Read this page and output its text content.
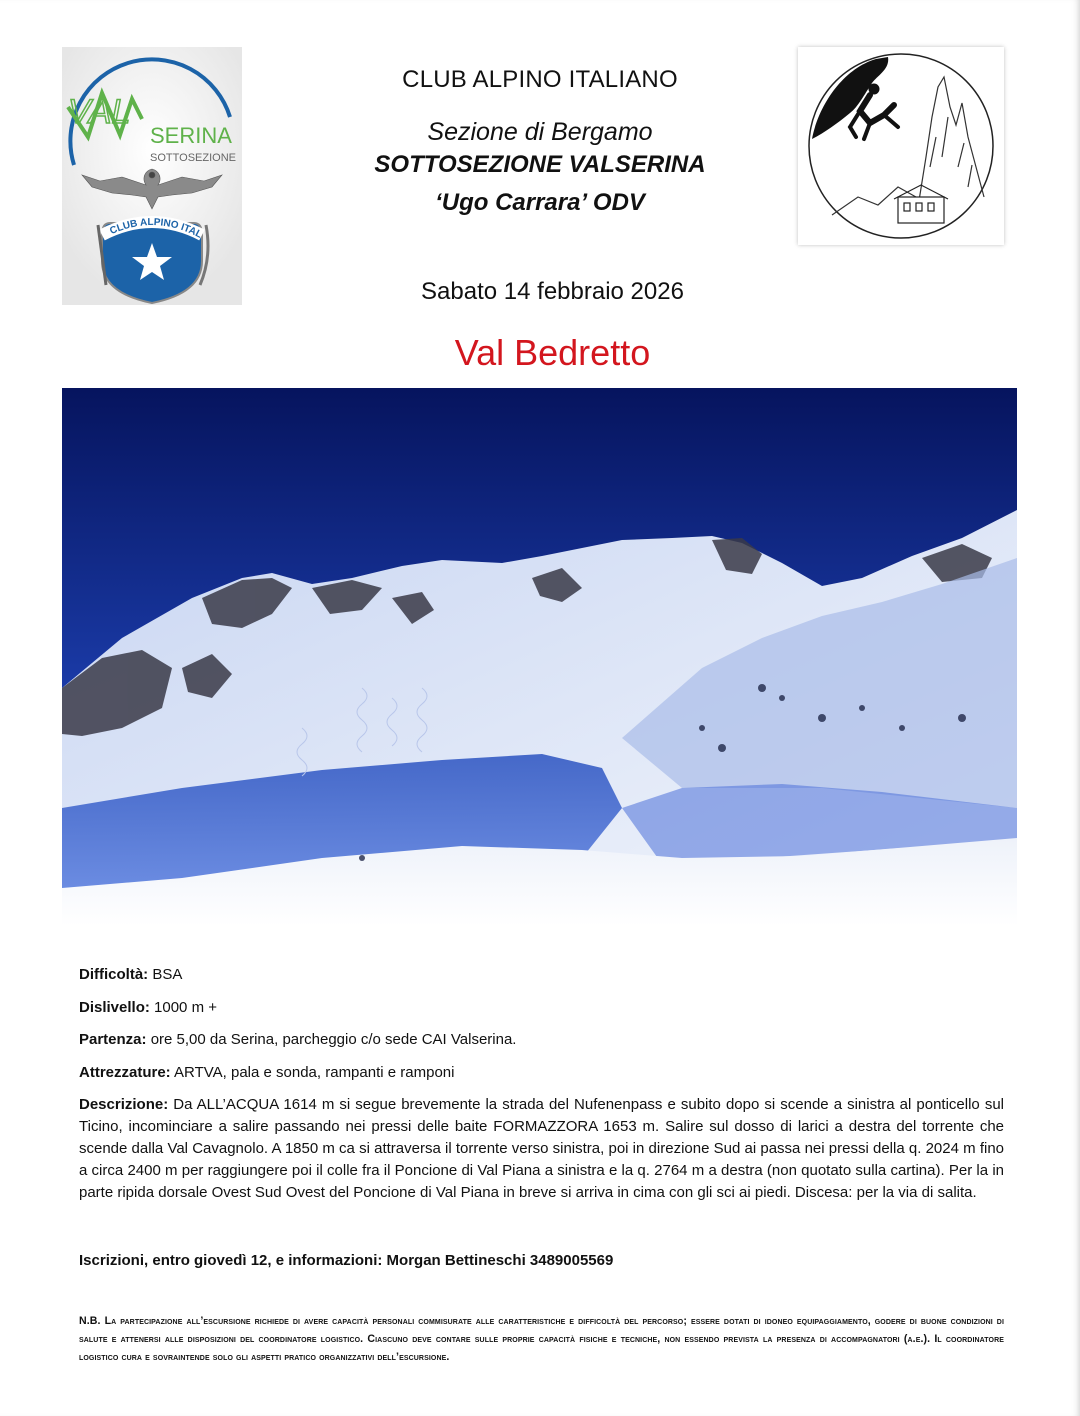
VAL
SERINA
SOTTOSEZIONE
CLUB ALPINO ITAL
CLUB ALPINO ITALIANO
Sezione di Bergamo
SOTTOSEZIONE VALSERINA
‘Ugo Carrara’ ODV
Sabato 14 febbraio 2026
Val Bedretto
Difficoltà: BSA
Dislivello: 1000 m +
Partenza: ore 5,00 da Serina, parcheggio c/o sede CAI Valserina.
Attrezzature: ARTVA, pala e sonda, rampanti e ramponi
Descrizione: Da ALL’ACQUA 1614 m si segue brevemente la strada del Nufenenpass e subito dopo si scende a sinistra al ponticello sul Ticino, incominciare a salire passando nei pressi delle baite FORMAZZORA 1653 m. Salire sul dosso di larici a destra del torrente che scende dalla Val Cavagnolo. A 1850 m ca si attraversa il torrente verso sinistra, poi in direzione Sud ai passa nei pressi della q. 2024 m fino a circa 2400 m per raggiungere poi il colle fra il Poncione di Val Piana a sinistra e la q. 2764 m a destra (non quotato sulla cartina). Per la in parte ripida dorsale Ovest Sud Ovest del Poncione di Val Piana in breve si arriva in cima con gli sci ai piedi. Discesa: per la via di salita.
Iscrizioni, entro giovedì 12, e informazioni: Morgan Bettineschi 3489005569
N.B. La partecipazione all’escursione richiede di avere capacità personali commisurate alle caratteristiche e difficoltà del percorso; essere dotati di idoneo equipaggiamento, godere di buone condizioni di salute e attenersi alle disposizioni del coordinatore logistico. Ciascuno deve contare sulle proprie capacità fisiche e tecniche, non essendo prevista la presenza di accompagnatori (a.e.). Il coordinatore logistico cura e sovraintende solo gli aspetti pratico organizzativi dell’escursione.
